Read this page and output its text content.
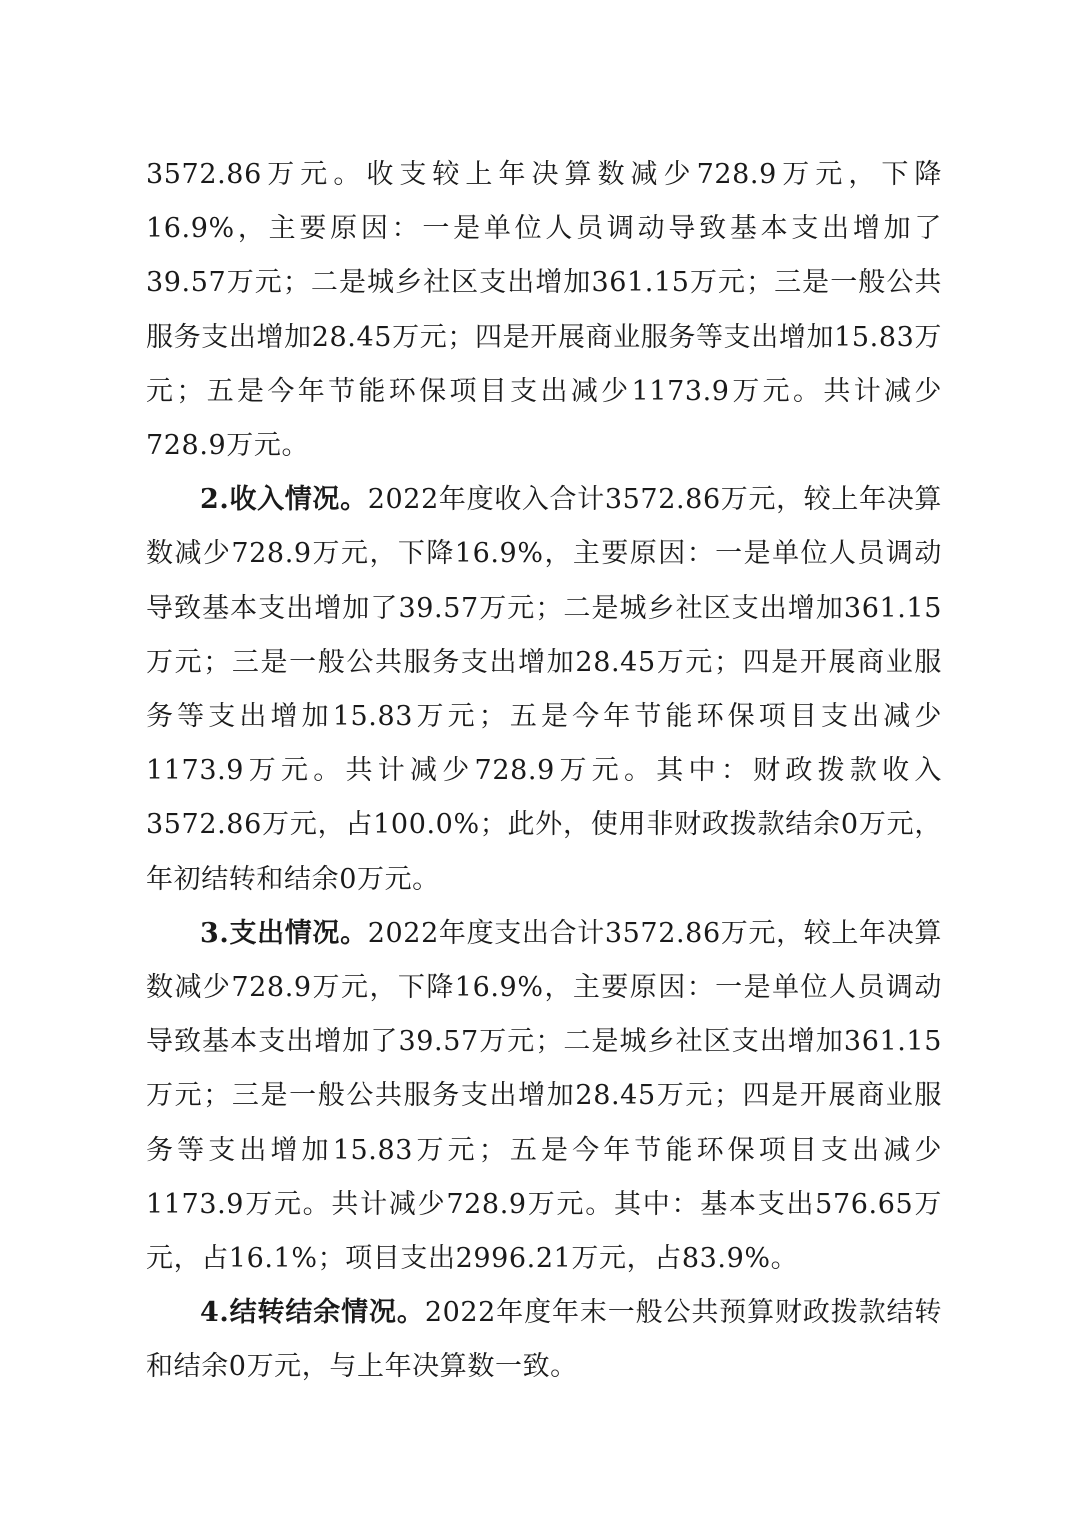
3572.86万元。收支较上年决算数减少728.9万元，下降16.9%，主要原因：一是单位人员调动导致基本支出增加了39.57万元；二是城乡社区支出增加361.15万元；三是一般公共服务支出增加28.45万元；四是开展商业服务等支出增加15.83万元；五是今年节能环保项目支出减少1173.9万元。共计减少728.9万元。

2.收入情况。2022年度收入合计3572.86万元，较上年决算数减少728.9万元，下降16.9%，主要原因：一是单位人员调动导致基本支出增加了39.57万元；二是城乡社区支出增加361.15万元；三是一般公共服务支出增加28.45万元；四是开展商业服务等支出增加15.83万元；五是今年节能环保项目支出减少1173.9万元。共计减少728.9万元。其中：财政拨款收入3572.86万元，占100.0%；此外，使用非财政拨款结余0万元，年初结转和结余0万元。

3.支出情况。2022年度支出合计3572.86万元，较上年决算数减少728.9万元，下降16.9%，主要原因：一是单位人员调动导致基本支出增加了39.57万元；二是城乡社区支出增加361.15万元；三是一般公共服务支出增加28.45万元；四是开展商业服务等支出增加15.83万元；五是今年节能环保项目支出减少1173.9万元。共计减少728.9万元。其中：基本支出576.65万元，占16.1%；项目支出2996.21万元，占83.9%。

4.结转结余情况。2022年度年末一般公共预算财政拨款结转和结余0万元，与上年决算数一致。
